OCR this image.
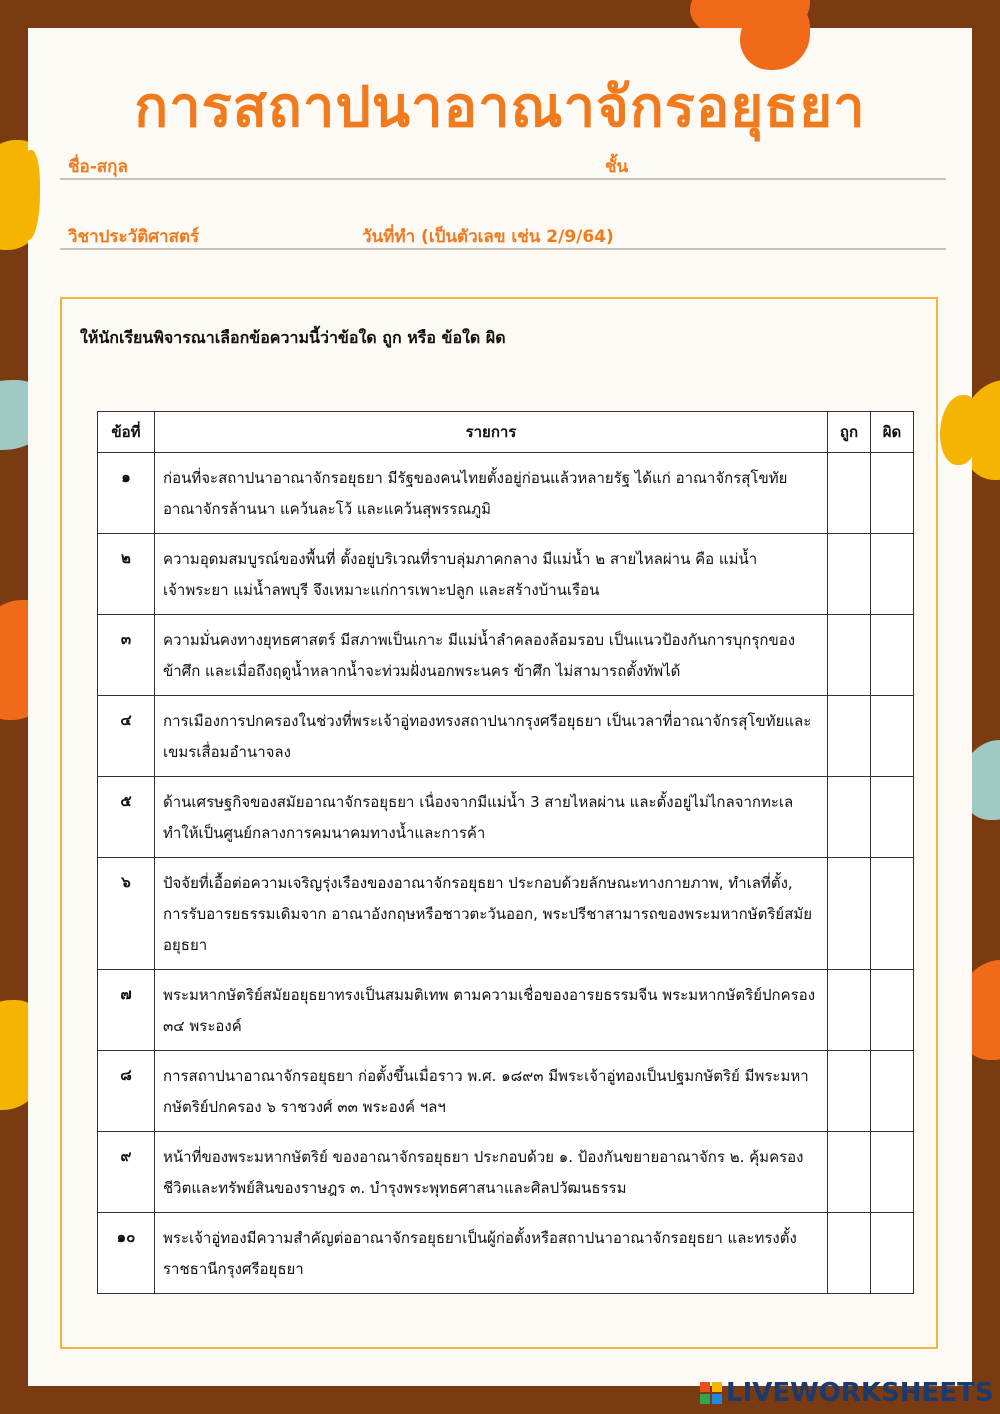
การสถาปนาอาณาจักรอยุธยา
ชื่อ-สกุล	ชั้น
วิชาประวัติศาสตร์	วันที่ทำ (เป็นตัวเลข เช่น 2/9/64)
ให้นักเรียนพิจารณาเลือกข้อความนี้ว่าข้อใด ถูก หรือ ข้อใด ผิด
ข้อที่	รายการ	ถูก	ผิด
๑	ก่อนที่จะสถาปนาอาณาจักรอยุธยา มีรัฐของคนไทยตั้งอยู่ก่อนแล้วหลายรัฐ ได้แก่ อาณาจักรสุโขทัย อาณาจักรล้านนา แคว้นละโว้ และแคว้นสุพรรณภูมิ		
๒	ความอุดมสมบูรณ์ของพื้นที่ ตั้งอยู่บริเวณที่ราบลุ่มภาคกลาง มีแม่น้ำ ๒ สายไหลผ่าน คือ แม่น้ำเจ้าพระยา แม่น้ำลพบุรี จึงเหมาะแก่การเพาะปลูก และสร้างบ้านเรือน		
๓	ความมั่นคงทางยุทธศาสตร์ มีสภาพเป็นเกาะ มีแม่น้ำลำคลองล้อมรอบ เป็นแนวป้องกันการบุกรุกของข้าศึก และเมื่อถึงฤดูน้ำหลากน้ำจะท่วมฝั่งนอกพระนคร ข้าศึก ไม่สามารถตั้งทัพได้		
๔	การเมืองการปกครองในช่วงที่พระเจ้าอู่ทองทรงสถาปนากรุงศรีอยุธยา เป็นเวลาที่อาณาจักรสุโขทัยและเขมรเสื่อมอำนาจลง		
๕	ด้านเศรษฐกิจของสมัยอาณาจักรอยุธยา เนื่องจากมีแม่น้ำ 3 สายไหลผ่าน และตั้งอยู่ไม่ไกลจากทะเล ทำให้เป็นศูนย์กลางการคมนาคมทางน้ำและการค้า		
๖	ปัจจัยที่เอื้อต่อความเจริญรุ่งเรืองของอาณาจักรอยุธยา ประกอบด้วยลักษณะทางกายภาพ, ทำเลที่ตั้ง, การรับอารยธรรมเดิมจาก อาณาอังกฤษหรือชาวตะวันออก, พระปรีชาสามารถของพระมหากษัตริย์สมัยอยุธยา		
๗	พระมหากษัตริย์สมัยอยุธยาทรงเป็นสมมติเทพ ตามความเชื่อของอารยธรรมจีน พระมหากษัตริย์ปกครอง ๓๔ พระองค์		
๘	การสถาปนาอาณาจักรอยุธยา ก่อตั้งขึ้นเมื่อราว พ.ศ. ๑๘๙๓ มีพระเจ้าอู่ทองเป็นปฐมกษัตริย์ มีพระมหากษัตริย์ปกครอง ๖ ราชวงศ์ ๓๓ พระองค์ ฯลฯ		
๙	หน้าที่ของพระมหากษัตริย์ ของอาณาจักรอยุธยา ประกอบด้วย ๑. ป้องกันขยายอาณาจักร ๒. คุ้มครองชีวิตและทรัพย์สินของราษฎร ๓. บำรุงพระพุทธศาสนาและศิลปวัฒนธรรม		
๑๐	พระเจ้าอู่ทองมีความสำคัญต่ออาณาจักรอยุธยาเป็นผู้ก่อตั้งหรือสถาปนาอาณาจักรอยุธยา และทรงตั้งราชธานีกรุงศรีอยุธยา		
LIVEWORKSHEETS
